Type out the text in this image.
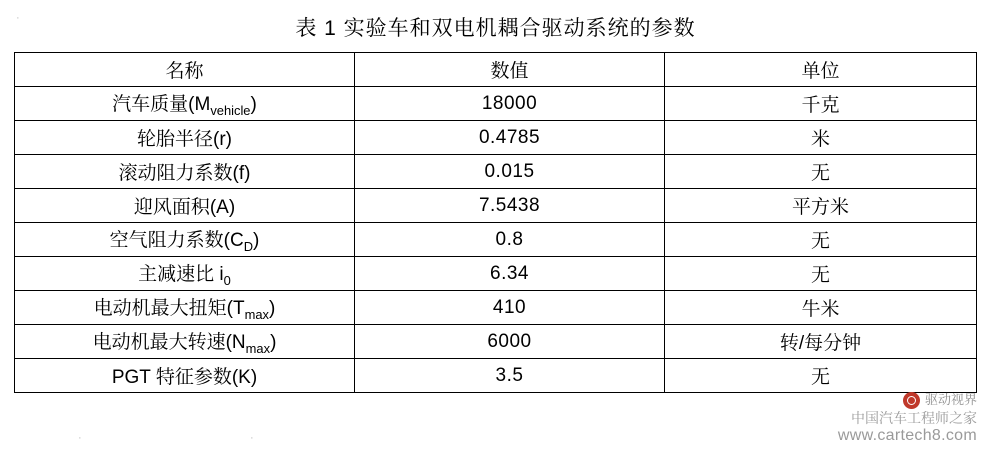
表 1 实验车和双电机耦合驱动系统的参数
名称	数值	单位
汽车质量$(M_{vehicle})$	18000	千克
轮胎半径(r)	0.4785	米
滚动阻力系数(f)	0.015	无
迎风面积(A)	7.5438	平方米
空气阻力系数$(C_D)$	0.8	无
主减速比 $i_0$	6.34	无
电动机最大扭矩$(T_{max})$	410	牛米
电动机最大转速$(N_{max})$	6000	转/每分钟
PGT 特征参数(K)	3.5	无
驱动视界
中国汽车工程师之家
www.cartech8.com
·
·	·
